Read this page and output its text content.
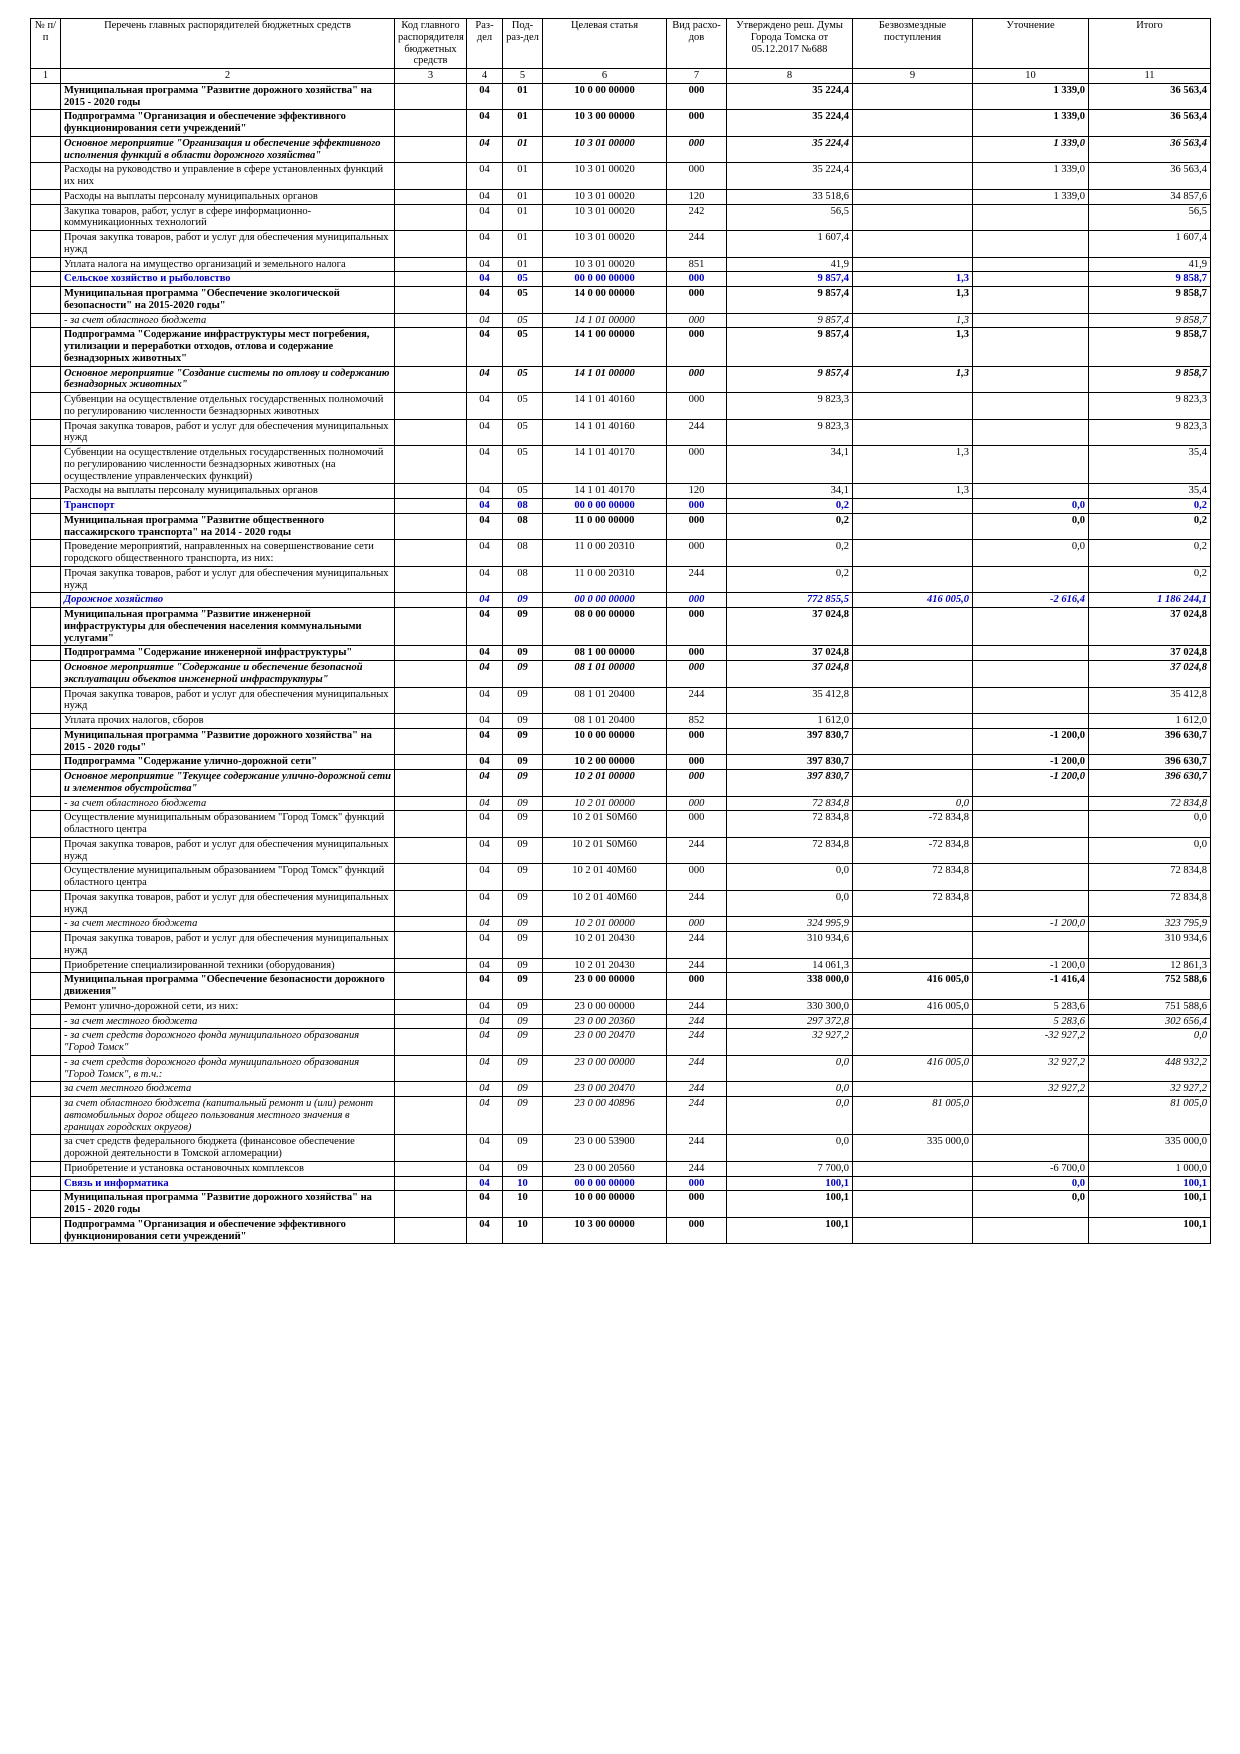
№ п/п	Перечень главных распорядителей бюджетных средств	Код главного распорядителя бюджетных средств	Раз-дел	Под-раз-дел	Целевая статья	Вид расхо-дов	Утверждено реш. Думы Города Томска от 05.12.2017 №688	Безвозмездные поступления	Уточнение	Итого
1	2	3	4	5	6	7	8	9	10	11
	Муниципальная программа "Развитие дорожного хозяйства" на 2015 - 2020 годы		04	01	10 0 00 00000	000	35 224,4		1 339,0	36 563,4
	Подпрограмма "Организация и обеспечение эффективного функционирования сети учреждений"		04	01	10 3 00 00000	000	35 224,4		1 339,0	36 563,4
	Основное мероприятие "Организация и обеспечение эффективного исполнения функций в области дорожного хозяйства"		04	01	10 3 01 00000	000	35 224,4		1 339,0	36 563,4
	Расходы на руководство и управление в сфере установленных функций их них		04	01	10 3 01 00020	000	35 224,4		1 339,0	36 563,4
	Расходы на выплаты персоналу муниципальных органов		04	01	10 3 01 00020	120	33 518,6		1 339,0	34 857,6
	Закупка товаров, работ, услуг в сфере информационно-коммуникационных технологий		04	01	10 3 01 00020	242	56,5			56,5
	Прочая закупка товаров, работ и услуг для обеспечения муниципальных нужд		04	01	10 3 01 00020	244	1 607,4			1 607,4
	Уплата налога на имущество организаций и земельного налога		04	01	10 3 01 00020	851	41,9			41,9
	Сельское хозяйство и рыболовство		04	05	00 0 00 00000	000	9 857,4	1,3		9 858,7
	Муниципальная программа "Обеспечение экологической безопасности" на 2015-2020 годы"		04	05	14 0 00 00000	000	9 857,4	1,3		9 858,7
	- за счет областного бюджета		04	05	14 1 01 00000	000	9 857,4	1,3		9 858,7
	Подпрограмма "Содержание инфраструктуры мест погребения, утилизации и переработки отходов, отлова и содержание безнадзорных животных"		04	05	14 1 00 00000	000	9 857,4	1,3		9 858,7
	Основное мероприятие "Создание системы по отлову и содержанию безнадзорных животных"		04	05	14 1 01 00000	000	9 857,4	1,3		9 858,7
	Субвенции на осуществление отдельных государственных полномочий по регулированию численности безнадзорных животных		04	05	14 1 01 40160	000	9 823,3			9 823,3
	Прочая закупка товаров, работ и услуг для обеспечения муниципальных нужд		04	05	14 1 01 40160	244	9 823,3			9 823,3
	Субвенции на осуществление отдельных государственных полномочий по регулированию численности безнадзорных животных (на осуществление управленческих функций)		04	05	14 1 01 40170	000	34,1	1,3		35,4
	Расходы на выплаты персоналу муниципальных органов		04	05	14 1 01 40170	120	34,1	1,3		35,4
	Транспорт		04	08	00 0 00 00000	000	0,2		0,0	0,2
	Муниципальная программа "Развитие общественного пассажирского транспорта" на 2014 - 2020 годы		04	08	11 0 00 00000	000	0,2		0,0	0,2
	Проведение мероприятий, направленных на совершенствование сети городского общественного транспорта, из них:		04	08	11 0 00 20310	000	0,2		0,0	0,2
	Прочая закупка товаров, работ и услуг для обеспечения муниципальных нужд		04	08	11 0 00 20310	244	0,2			0,2
	Дорожное хозяйство		04	09	00 0 00 00000	000	772 855,5	416 005,0	-2 616,4	1 186 244,1
	Муниципальная программа "Развитие инженерной инфраструктуры для обеспечения населения коммунальными услугами"		04	09	08 0 00 00000	000	37 024,8			37 024,8
	Подпрограмма "Содержание инженерной инфраструктуры"		04	09	08 1 00 00000	000	37 024,8			37 024,8
	Основное мероприятие "Содержание и обеспечение безопасной эксплуатации объектов инженерной инфраструктуры"		04	09	08 1 01 00000	000	37 024,8			37 024,8
	Прочая закупка товаров, работ и услуг для обеспечения муниципальных нужд		04	09	08 1 01 20400	244	35 412,8			35 412,8
	Уплата прочих налогов, сборов		04	09	08 1 01 20400	852	1 612,0			1 612,0
	Муниципальная программа "Развитие дорожного хозяйства" на 2015 - 2020 годы"		04	09	10 0 00 00000	000	397 830,7		-1 200,0	396 630,7
	Подпрограмма "Содержание улично-дорожной сети"		04	09	10 2 00 00000	000	397 830,7		-1 200,0	396 630,7
	Основное мероприятие "Текущее содержание улично-дорожной сети и элементов обустройства"		04	09	10 2 01 00000	000	397 830,7		-1 200,0	396 630,7
	- за счет областного бюджета		04	09	10 2 01 00000	000	72 834,8	0,0		72 834,8
	Осуществление муниципальным образованием "Город Томск" функций областного центра		04	09	10 2 01 S0M60	000	72 834,8	-72 834,8		0,0
	Прочая закупка товаров, работ и услуг для обеспечения муниципальных нужд		04	09	10 2 01 S0M60	244	72 834,8	-72 834,8		0,0
	Осуществление муниципальным образованием "Город Томск" функций областного центра		04	09	10 2 01 40M60	000	0,0	72 834,8		72 834,8
	Прочая закупка товаров, работ и услуг для обеспечения муниципальных нужд		04	09	10 2 01 40M60	244	0,0	72 834,8		72 834,8
	- за счет местного бюджета		04	09	10 2 01 00000	000	324 995,9		-1 200,0	323 795,9
	Прочая закупка товаров, работ и услуг для обеспечения муниципальных нужд		04	09	10 2 01 20430	244	310 934,6			310 934,6
	Приобретение специализированной техники (оборудования)		04	09	10 2 01 20430	244	14 061,3		-1 200,0	12 861,3
	Муниципальная программа "Обеспечение безопасности дорожного движения"		04	09	23 0 00 00000	000	338 000,0	416 005,0	-1 416,4	752 588,6
	Ремонт улично-дорожной сети, из них:		04	09	23 0 00 00000	244	330 300,0	416 005,0	5 283,6	751 588,6
	- за счет местного бюджета		04	09	23 0 00 20360	244	297 372,8		5 283,6	302 656,4
	- за счет средств дорожного фонда муниципального образования "Город Томск"		04	09	23 0 00 20470	244	32 927,2		-32 927,2	0,0
	- за счет средств дорожного фонда муниципального образования "Город Томск", в т.ч.:		04	09	23 0 00 00000	244	0,0	416 005,0	32 927,2	448 932,2
	за счет местного бюджета		04	09	23 0 00 20470	244	0,0		32 927,2	32 927,2
	за счет областного бюджета (капитальный ремонт и (или) ремонт автомобильных дорог общего пользования местного значения в границах городских округов)		04	09	23 0 00 40896	244	0,0	81 005,0		81 005,0
	за счет средств федерального бюджета (финансовое обеспечение дорожной деятельности в Томской агломерации)		04	09	23 0 00 53900	244	0,0	335 000,0		335 000,0
	Приобретение и установка остановочных комплексов		04	09	23 0 00 20560	244	7 700,0		-6 700,0	1 000,0
	Связь и информатика		04	10	00 0 00 00000	000	100,1		0,0	100,1
	Муниципальная программа "Развитие дорожного хозяйства" на 2015 - 2020 годы		04	10	10 0 00 00000	000	100,1		0,0	100,1
	Подпрограмма "Организация и обеспечение эффективного функционирования сети учреждений"		04	10	10 3 00 00000	000	100,1			100,1
